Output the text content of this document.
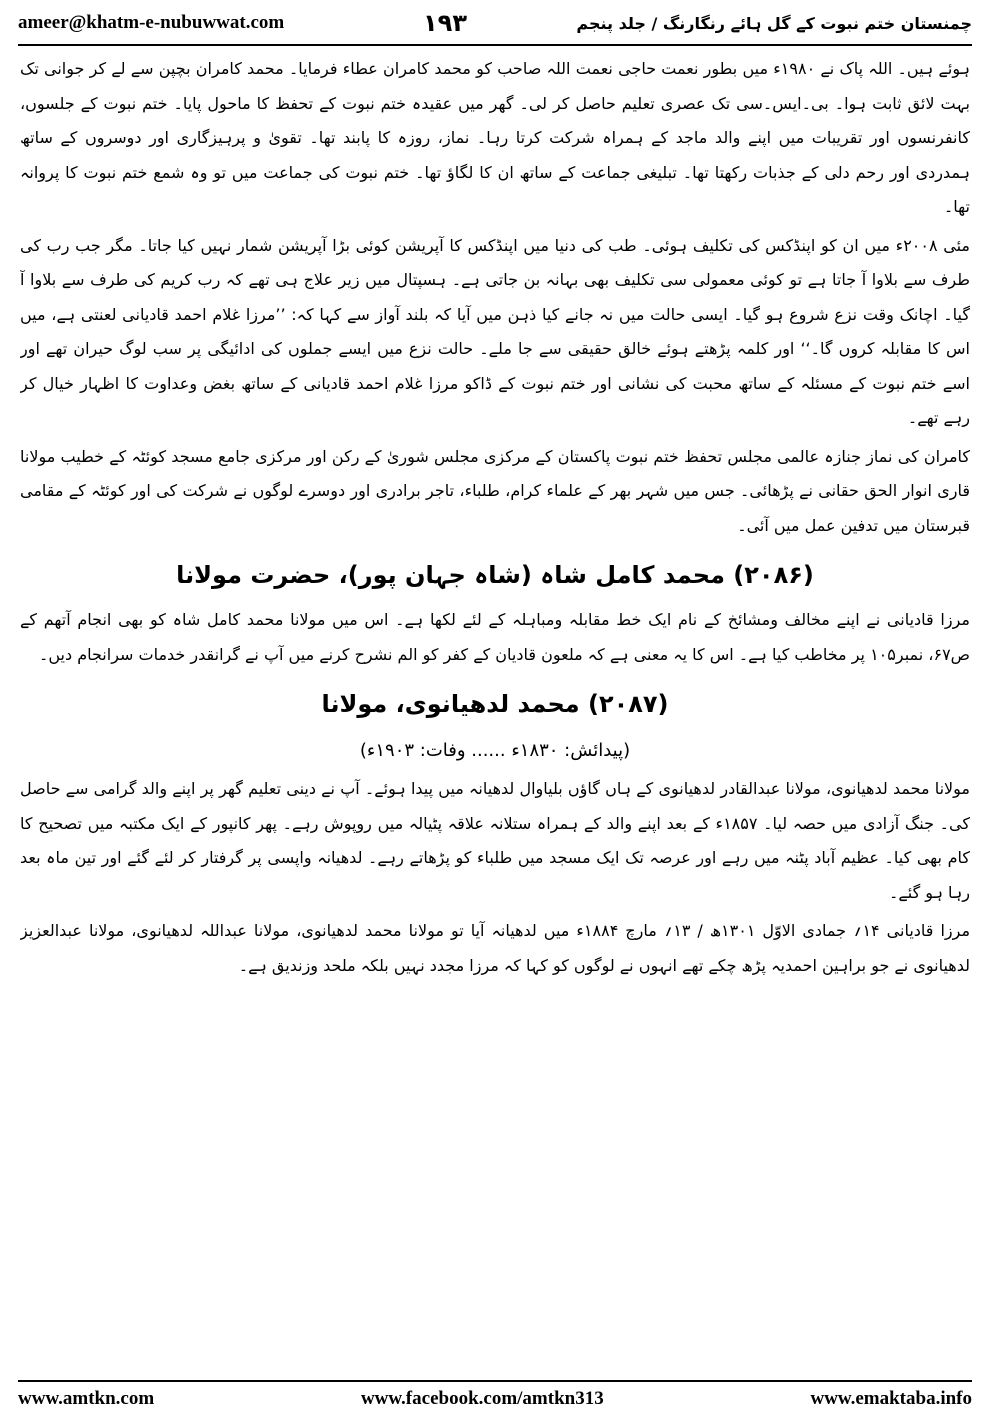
ameer@khatm-e-nubuwwat.com	۱۹۳	چمنستان ختم نبوت کے گل ہائے رنگارنگ / جلد پنجم

ہوئے ہیں۔ اللہ پاک نے ۱۹۸۰ء میں بطور نعمت حاجی نعمت اللہ صاحب کو محمد کامران عطاء فرمایا۔ محمد کامران بچپن سے لے کر جوانی تک بہت لائق ثابت ہوا۔ بی۔ایس۔سی تک عصری تعلیم حاصل کر لی۔ گھر میں عقیدہ ختم نبوت کے تحفظ کا ماحول پایا۔ ختم نبوت کے جلسوں، کانفرنسوں اور تقریبات میں اپنے والد ماجد کے ہمراہ شرکت کرتا رہا۔ نماز، روزہ کا پابند تھا۔ تقویٰ و پرہیزگاری اور دوسروں کے ساتھ ہمدردی اور رحم دلی کے جذبات رکھتا تھا۔ تبلیغی جماعت کے ساتھ ان کا لگاؤ تھا۔ ختم نبوت کی جماعت میں تو وہ شمع ختم نبوت کا پروانہ تھا۔

مئی ۲۰۰۸ء میں ان کو اپنڈکس کی تکلیف ہوئی۔ طب کی دنیا میں اپنڈکس کا آپریشن کوئی بڑا آپریشن شمار نہیں کیا جاتا۔ مگر جب رب کی طرف سے بلاوا آ جاتا ہے تو کوئی معمولی سی تکلیف بھی بہانہ بن جاتی ہے۔ ہسپتال میں زیر علاج ہی تھے کہ رب کریم کی طرف سے بلاوا آ گیا۔ اچانک وقت نزع شروع ہو گیا۔ ایسی حالت میں نہ جانے کیا ذہن میں آیا کہ بلند آواز سے کہا کہ: ’’مرزا غلام احمد قادیانی لعنتی ہے، میں اس کا مقابلہ کروں گا۔‘‘ اور کلمہ پڑھتے ہوئے خالق حقیقی سے جا ملے۔ حالت نزع میں ایسے جملوں کی ادائیگی پر سب لوگ حیران تھے اور اسے ختم نبوت کے مسئلہ کے ساتھ محبت کی نشانی اور ختم نبوت کے ڈاکو مرزا غلام احمد قادیانی کے ساتھ بغض وعداوت کا اظہار خیال کر رہے تھے۔

کامران کی نماز جنازہ عالمی مجلس تحفظ ختم نبوت پاکستان کے مرکزی مجلس شوریٰ کے رکن اور مرکزی جامع مسجد کوئٹہ کے خطیب مولانا قاری انوار الحق حقانی نے پڑھائی۔ جس میں شہر بھر کے علماء کرام، طلباء، تاجر برادری اور دوسرے لوگوں نے شرکت کی اور کوئٹہ کے مقامی قبرستان میں تدفین عمل میں آئی۔

(۲۰۸۶) محمد کامل شاہ (شاہ جہان پور)، حضرت مولانا

مرزا قادیانی نے اپنے مخالف ومشائخ کے نام ایک خط مقابلہ ومباہلہ کے لئے لکھا ہے۔ اس میں مولانا محمد کامل شاہ کو بھی انجام آتھم کے ص۶۷، نمبر۱۰۵ پر مخاطب کیا ہے۔ اس کا یہ معنی ہے کہ ملعون قادیان کے کفر کو الم نشرح کرنے میں آپ نے گرانقدر خدمات سرانجام دیں۔

(۲۰۸۷) محمد لدھیانوی، مولانا

(پیدائش: ۱۸۳۰ء ...... وفات: ۱۹۰۳ء)

مولانا محمد لدھیانوی، مولانا عبدالقادر لدھیانوی کے ہاں گاؤں بلیاوال لدھیانہ میں پیدا ہوئے۔ آپ نے دینی تعلیم گھر پر اپنے والد گرامی سے حاصل کی۔ جنگ آزادی میں حصہ لیا۔ ۱۸۵۷ء کے بعد اپنے والد کے ہمراہ ستلانہ علاقہ پٹیالہ میں روپوش رہے۔ پھر کانپور کے ایک مکتبہ میں تصحیح کا کام بھی کیا۔ عظیم آباد پٹنہ میں رہے اور عرصہ تک ایک مسجد میں طلباء کو پڑھاتے رہے۔ لدھیانہ واپسی پر گرفتار کر لئے گئے اور تین ماہ بعد رہا ہو گئے۔

مرزا قادیانی ۱۴؍ جمادی الاوّل ۱۳۰۱ھ / ۱۳؍ مارچ ۱۸۸۴ء میں لدھیانہ آیا تو مولانا محمد لدھیانوی، مولانا عبداللہ لدھیانوی، مولانا عبدالعزیز لدھیانوی نے جو براہین احمدیہ پڑھ چکے تھے انہوں نے لوگوں کو کہا کہ مرزا مجدد نہیں بلکہ ملحد وزندیق ہے۔

www.amtkn.com	www.facebook.com/amtkn313	www.emaktaba.info
